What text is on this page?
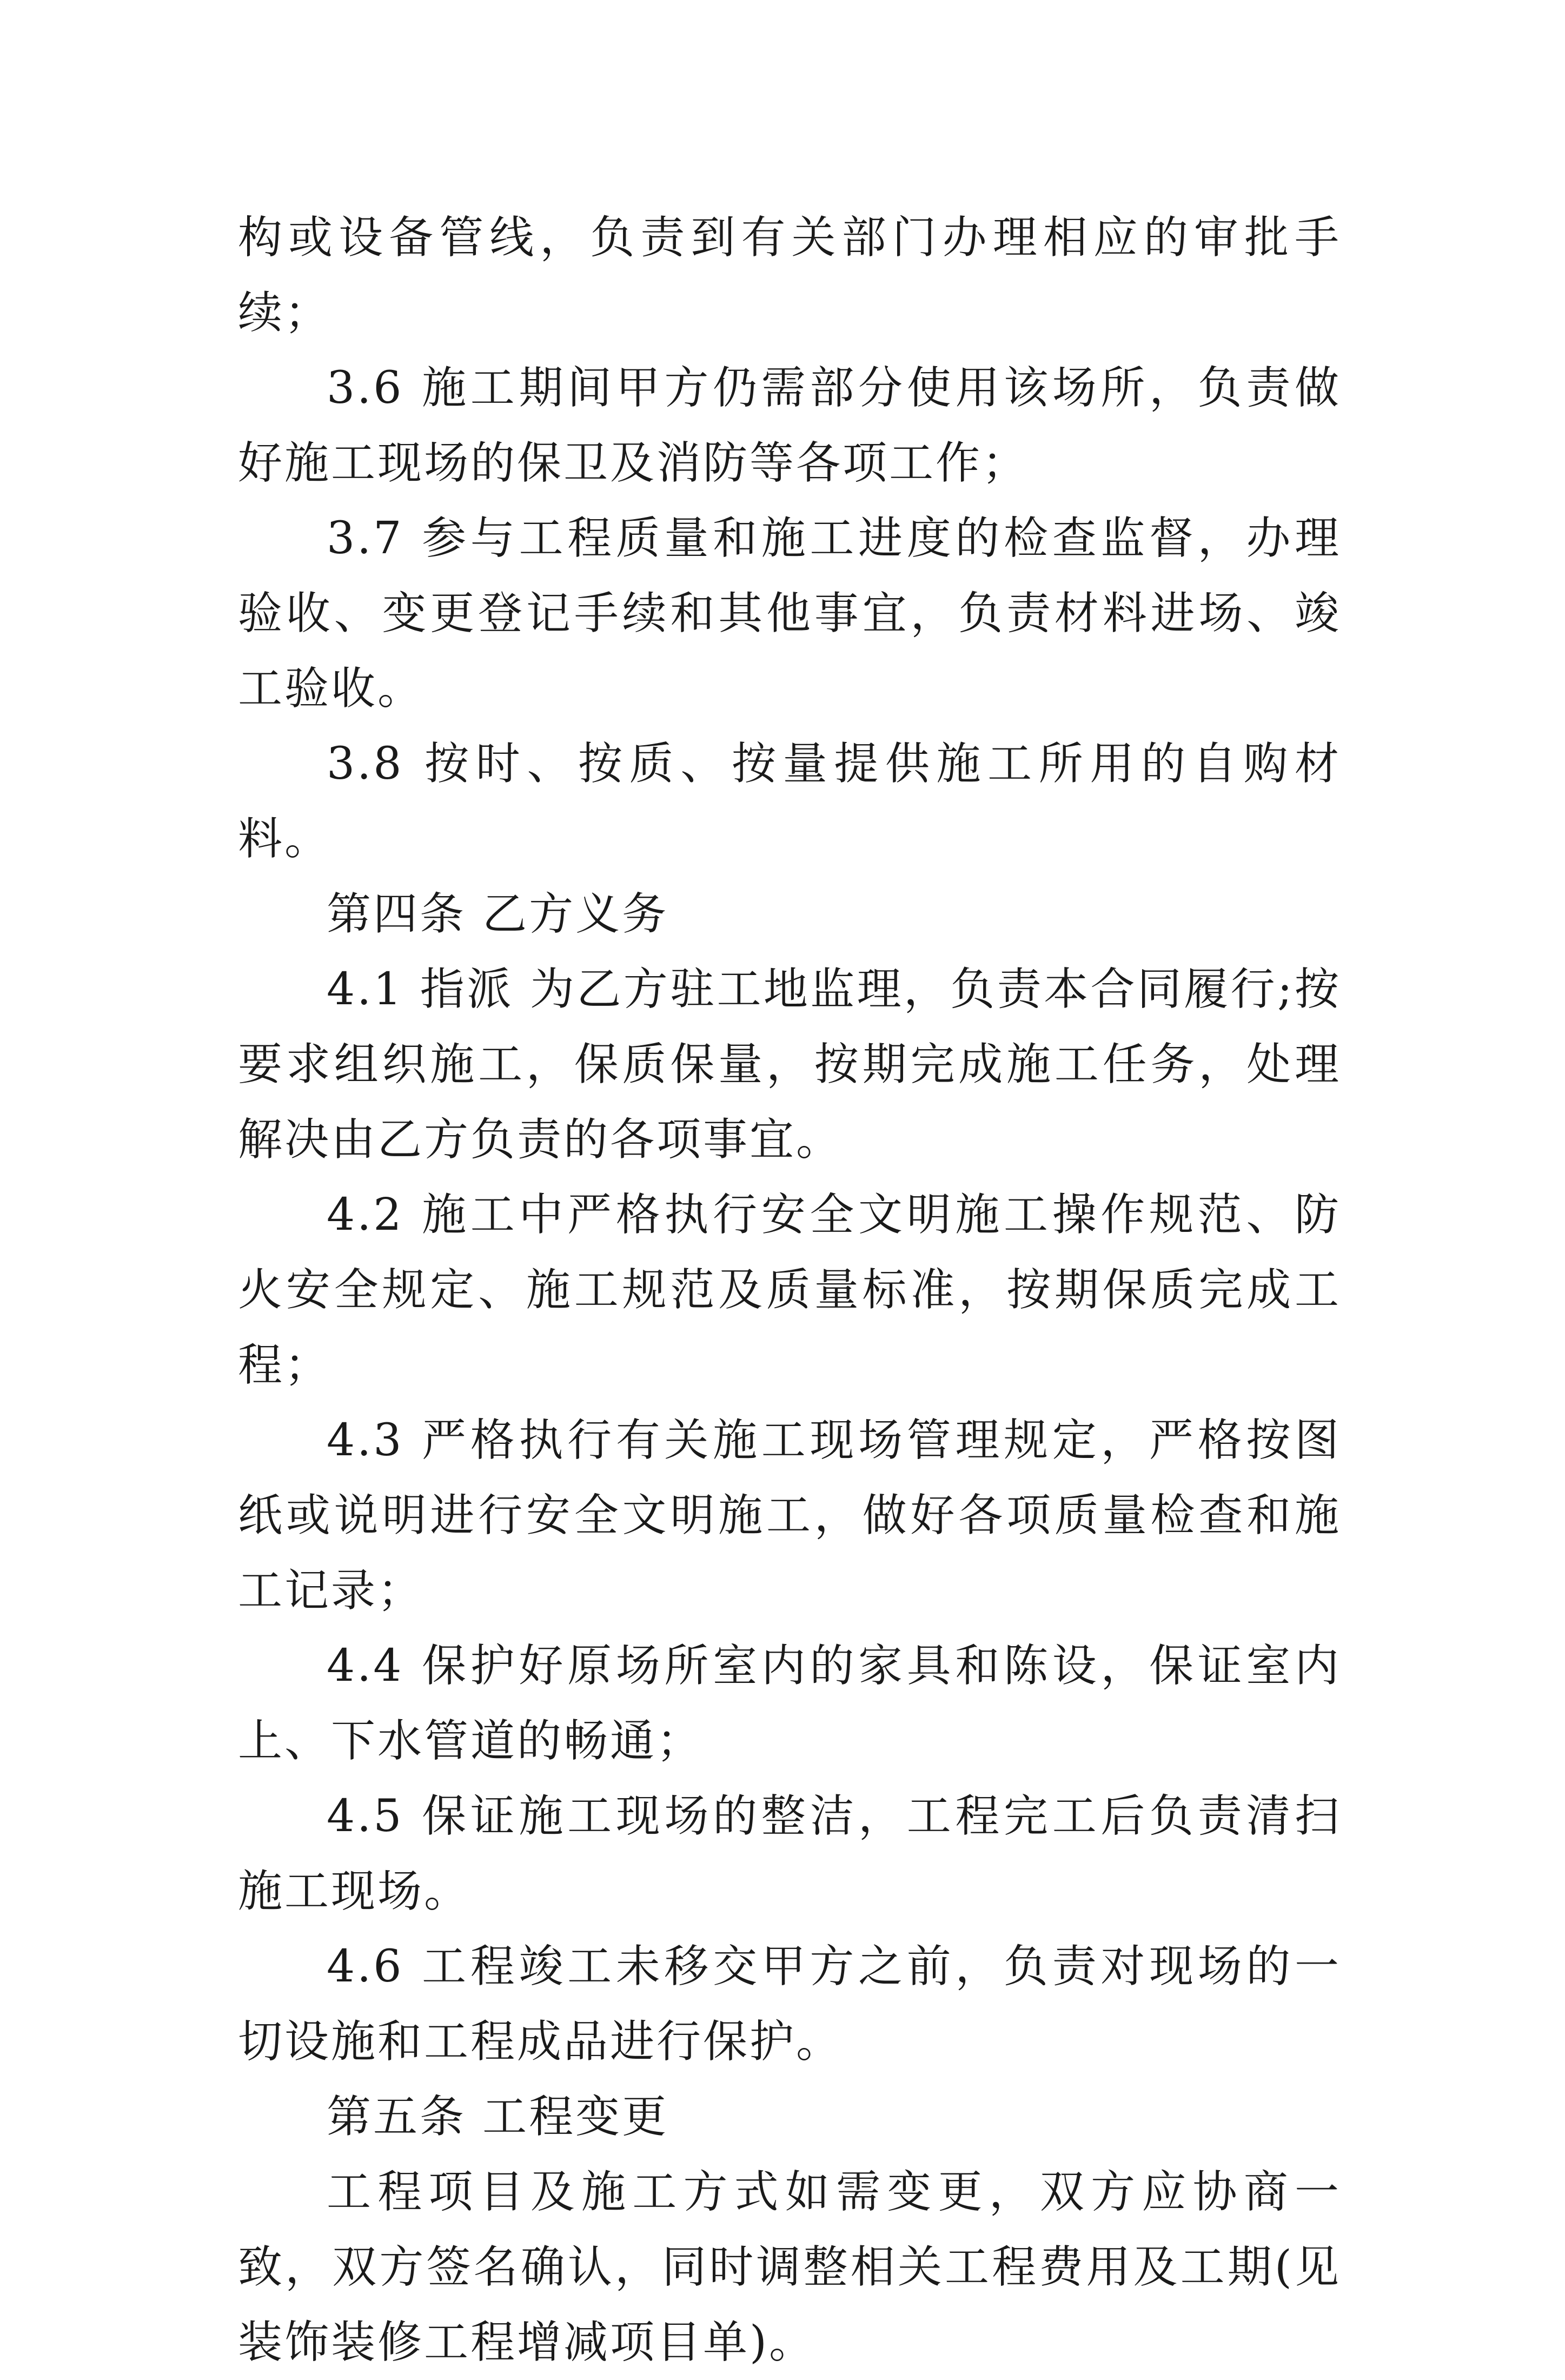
构或设备管线，负责到有关部门办理相应的审批手续；

3.6 施工期间甲方仍需部分使用该场所，负责做好施工现场的保卫及消防等各项工作；

3.7 参与工程质量和施工进度的检查监督，办理验收、变更登记手续和其他事宜，负责材料进场、竣工验收。

3.8 按时、按质、按量提供施工所用的自购材料。

第四条 乙方义务

4.1 指派 为乙方驻工地监理，负责本合同履行;按要求组织施工，保质保量，按期完成施工任务，处理解决由乙方负责的各项事宜。

4.2 施工中严格执行安全文明施工操作规范、防火安全规定、施工规范及质量标准，按期保质完成工程；

4.3 严格执行有关施工现场管理规定，严格按图纸或说明进行安全文明施工，做好各项质量检查和施工记录；

4.4 保护好原场所室内的家具和陈设，保证室内上、下水管道的畅通；

4.5 保证施工现场的整洁，工程完工后负责清扫施工现场。

4.6 工程竣工未移交甲方之前，负责对现场的一切设施和工程成品进行保护。

第五条 工程变更

工程项目及施工方式如需变更，双方应协商一致，双方签名确认，同时调整相关工程费用及工期(见装饰装修工程增减项目单)。
